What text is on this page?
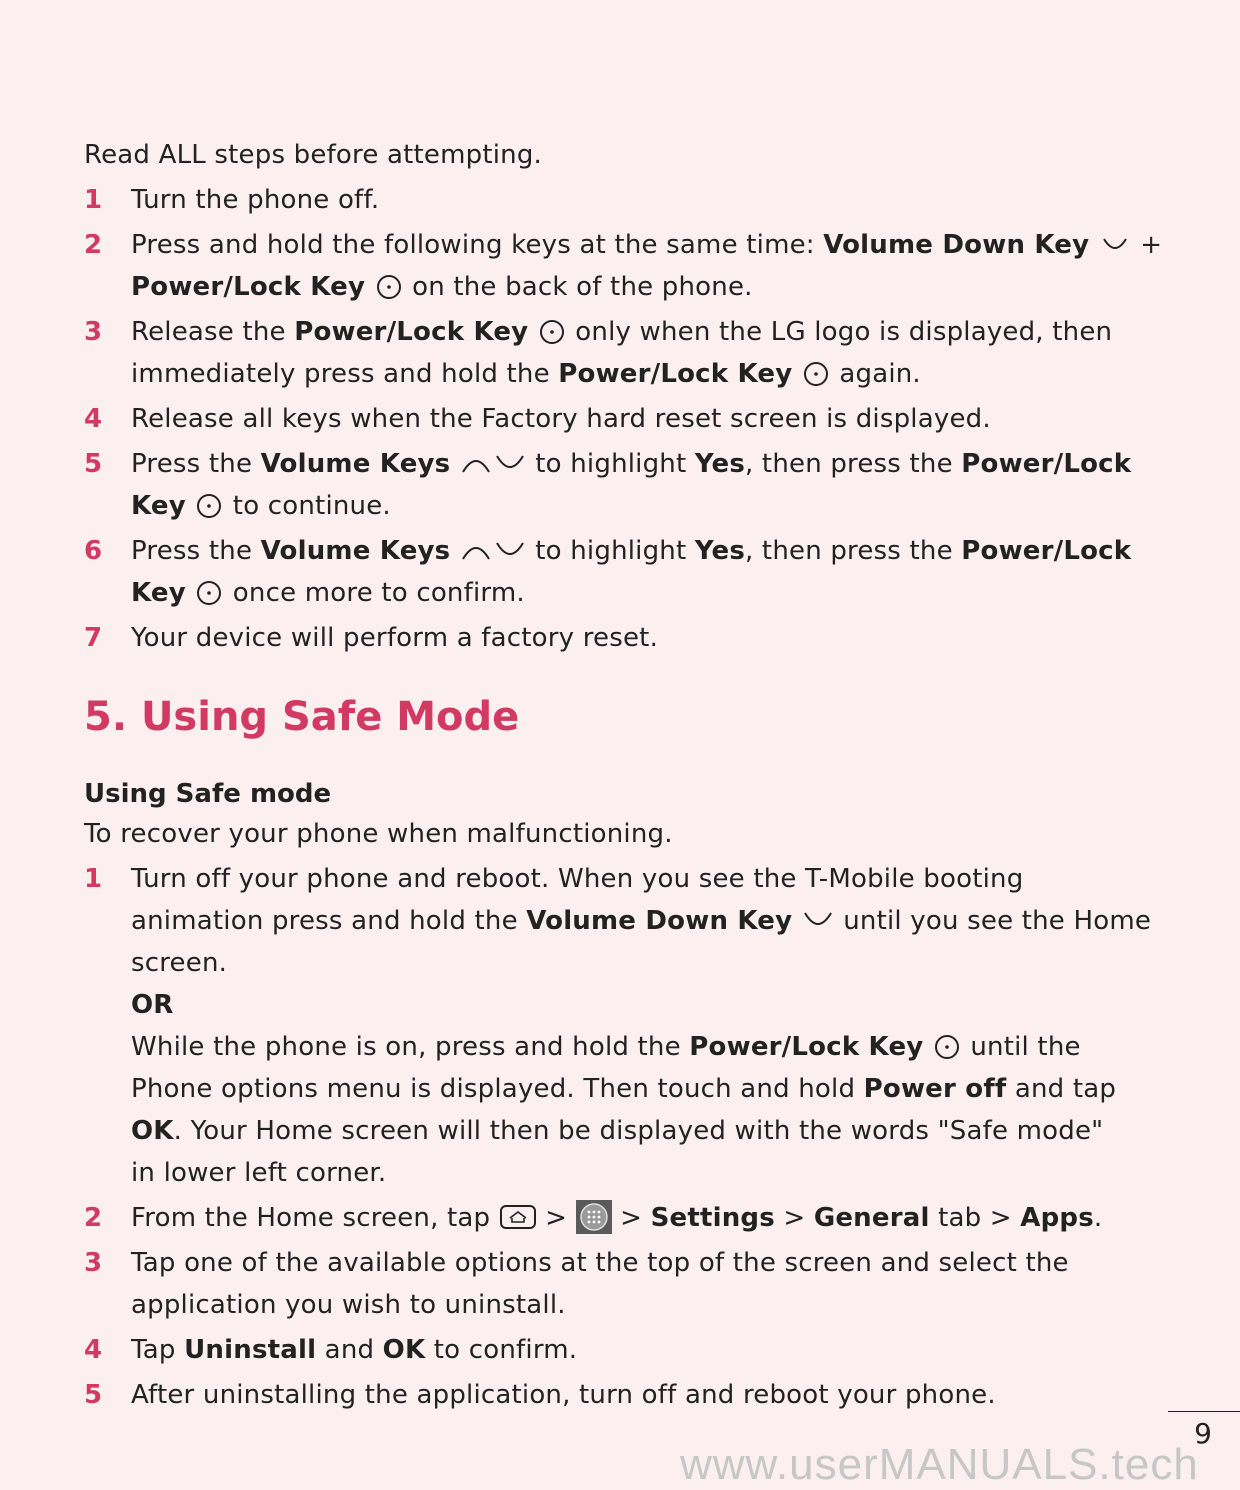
Read ALL steps before attempting.

1 Turn the phone off.
2 Press and hold the following keys at the same time: Volume Down Key  +
Power/Lock Key  on the back of the phone.
3 Release the Power/Lock Key  only when the LG logo is displayed, then
immediately press and hold the Power/Lock Key  again.
4 Release all keys when the Factory hard reset screen is displayed.
5 Press the Volume Keys	to highlight Yes, then press the Power/Lock
Key  to continue.
6 Press the Volume Keys	to highlight Yes, then press the Power/Lock
Key  once more to confirm.
7 Your device will perform a factory reset.
5. Using Safe Mode
Using Safe mode

To recover your phone when malfunctioning.

1 Turn off your phone and reboot. When you see the T-Mobile booting
animation press and hold the Volume Down Key  until you see the Home
screen.
OR
While the phone is on, press and hold the Power/Lock Key  until the
Phone options menu is displayed. Then touch and hold Power off and tap
OK. Your Home screen will then be displayed with the words "Safe mode"
in lower left corner.
2 From the Home screen, tap  >  > Settings > General tab > Apps.
3 Tap one of the available options at the top of the screen and select the
application you wish to uninstall.
4 Tap Uninstall and OK to confirm.
5 After uninstalling the application, turn off and reboot your phone.
9
www.userMANUALS.tech
